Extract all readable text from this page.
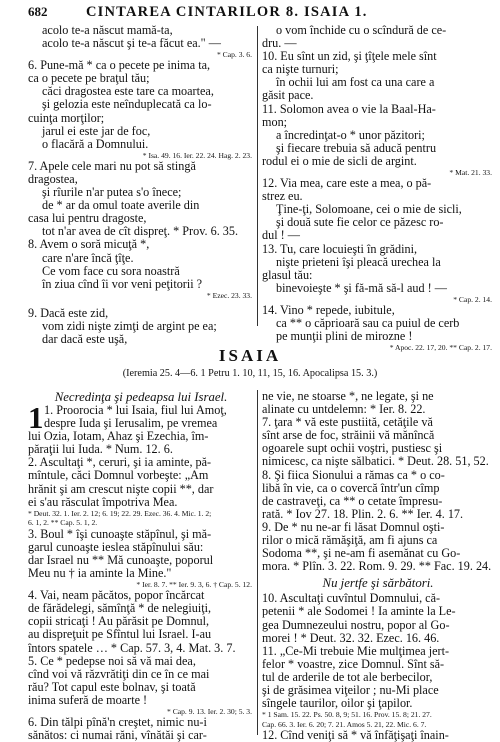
682	CINTAREA CINTARILOR 8. ISAIA 1.
acolo te-a născut mamă-ta,
acolo te-a născut şi te-a făcut ea." —
* Cap. 3. 6.
6. Pune-mă * ca o pecete pe inima ta,
ca o pecete pe braţul tău;
căci dragostea este tare ca moartea,
şi gelozia este neînduplecată ca lo-
cuinţa morţilor;
jarul ei este jar de foc,
o flacără a Domnului.
* Isa. 49. 16. Ier. 22. 24. Hag. 2. 23.
7. Apele cele mari nu pot să stingă
dragostea,
şi rîurile n'ar putea s'o înece;
de * ar da omul toate averile din
casa lui pentru dragoste,
tot n'ar avea de cît dispreţ. * Prov. 6. 35.
8. Avem o soră micuţă *,
care n'are încă ţîţe.
Ce vom face cu sora noastră
în ziua cînd îi vor veni peţitorii ?
* Ezec. 23. 33.
9. Dacă este zid,
vom zidi nişte zimţi de argint pe ea;
dar dacă este uşă,
o vom închide cu o scîndură de ce-
dru. —
10. Eu sînt un zid, şi ţîţele mele sînt
ca nişte turnuri;
în ochii lui am fost ca una care a
găsit pace.
11. Solomon avea o vie la Baal-Ha-
mon;
a încredinţat-o * unor păzitori;
şi fiecare trebuia să aducă pentru
rodul ei o mie de sicli de argint.
* Mat. 21. 33.
12. Via mea, care este a mea, o pă-
strez eu.
Ţine-ţi, Solomoane, cei o mie de sicli,
şi două sute fie celor ce păzesc ro-
dul ! —
13. Tu, care locuieşti în grădini,
nişte prieteni îşi pleacă urechea la
glasul tău:
binevoieşte * şi fă-mă să-l aud ! —
* Cap. 2. 14.
14. Vino * repede, iubitule,
ca ** o căprioară sau ca puiul de cerb
pe munţii plini de mirozne !
* Apoc. 22. 17, 20. ** Cap. 2. 17.
ISAIA
(Ieremia 25. 4—6. 1 Petru 1. 10, 11, 15, 16. Apocalipsa 15. 3.)
Necredinţa şi pedeapsa lui Israel.
1 1. Proorocia * lui Isaia, fiul lui Amoţ,
despre Iuda şi Ierusalim, pe vremea
lui Ozia, Iotam, Ahaz şi Ezechia, îm-
păraţii lui Iuda. * Num. 12. 6.
2. Ascultaţi *, ceruri, şi ia aminte, pă-
mîntule, căci Domnul vorbeşte: „Am
hrănit şi am crescut nişte copii **, dar
ei s'au răsculat împotriva Mea.
* Deut. 32. 1. Ier. 2. 12; 6. 19; 22. 29. Ezec. 36. 4. Mic. 1. 2;
6. 1, 2. ** Cap. 5. 1, 2.
3. Boul * îşi cunoaşte stăpînul, şi mă-
garul cunoaşte ieslea stăpînului său:
dar Israel nu ** Mă cunoaşte, poporul
Meu nu † ia aminte la Mine."
* Ier. 8. 7. ** Ier. 9. 3, 6. † Cap. 5. 12.
4. Vai, neam păcătos, popor încărcat
de fărădelegi, sămînţă * de nelegiuiţi,
copii stricaţi ! Au părăsit pe Domnul,
au dispreţuit pe Sfîntul lui Israel. I-au
întors spatele … * Cap. 57. 3, 4. Mat. 3. 7.
5. Ce * pedepse noi să vă mai dea,
cînd voi vă răzvrătiţi din ce în ce mai
rău? Tot capul este bolnav, şi toată
inima suferă de moarte !
* Cap. 9. 13. Ier. 2. 30; 5. 3.
6. Din tălpi pînă'n creştet, nimic nu-i
sănătos: ci numai răni, vînătăi şi car-
ne vie, ne stoarse *, ne legate, şi ne
alinate cu untdelemn: * Ier. 8. 22.
7. ţara * vă este pustiită, cetăţile vă
sînt arse de foc, străinii vă mănîncă
ogoarele supt ochii voştri, pustiesc şi
nimicesc, ca nişte sălbatici. * Deut. 28. 51, 52.
8. Şi fiica Sionului a rămas ca * o co-
libă în vie, ca o covercă într'un cîmp
de castraveţi, ca ** o cetate împresu-
rată. * Iov 27. 18. Plin. 2. 6. ** Ier. 4. 17.
9. De * nu ne-ar fi lăsat Domnul oşti-
rilor o mică rămăşiţă, am fi ajuns ca
Sodoma **, şi ne-am fi asemănat cu Go-
mora. * Plîn. 3. 22. Rom. 9. 29. ** Fac. 19. 24.
Nu jertfe şi sărbători.
10. Ascultaţi cuvîntul Domnului, că-
petenii * ale Sodomei ! Ia aminte la Le-
gea Dumnezeului nostru, popor al Go-
morei ! * Deut. 32. 32. Ezec. 16. 46.
11. „Ce-Mi trebuie Mie mulţimea jert-
felor * voastre, zice Domnul. Sînt să-
tul de arderile de tot ale berbecilor,
şi de grăsimea viţeilor ; nu-Mi place
sîngele taurilor, oilor şi ţapilor.
* 1 Sam. 15. 22. Ps. 50. 8, 9; 51. 16. Prov. 15. 8; 21. 27.
Cap. 66. 3. Ier. 6. 20; 7. 21. Amos 5. 21, 22. Mic. 6. 7.
12. Cînd veniţi să * vă înfăţişaţi înain-
